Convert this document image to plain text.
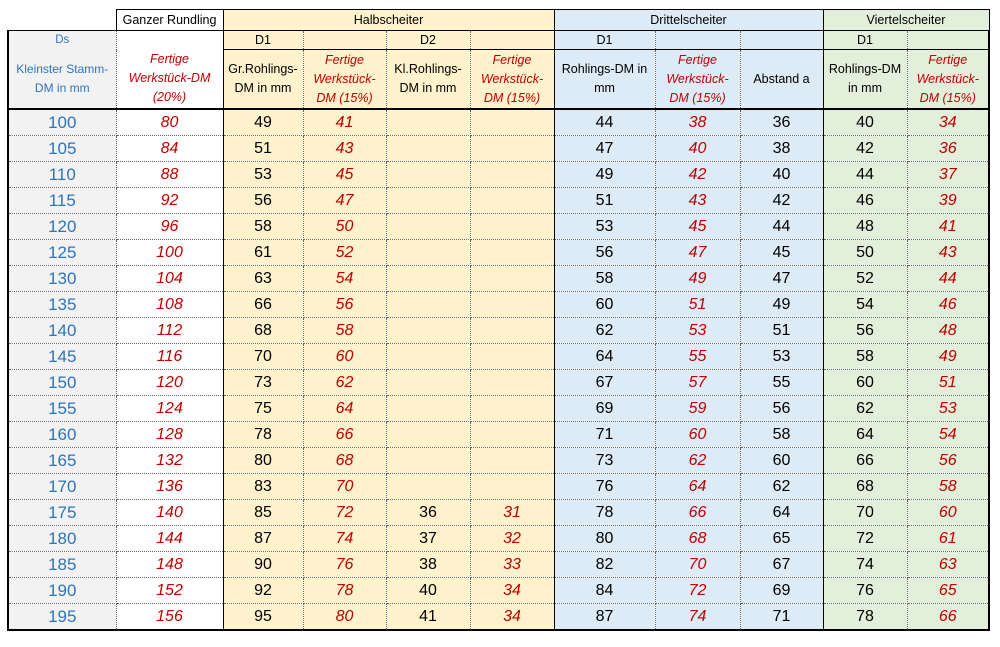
	Ganzer Rundling	Halbscheiter				Drittelscheiter			Viertelscheiter	
Ds		D1		D2		D1			D1	
Kleinster Stamm-DM in mm	Fertige Werkstück-DM (20%)	Gr.Rohlings-DM in mm	Fertige Werkstück-DM (15%)	Kl.Rohlings-DM in mm	Fertige Werkstück-DM (15%)	Rohlings-DM in mm	Fertige Werkstück-DM (15%)	Abstand a	Rohlings-DM in mm	Fertige Werkstück-DM (15%)
100	80	49	41			44	38	36	40	34
105	84	51	43			47	40	38	42	36
110	88	53	45			49	42	40	44	37
115	92	56	47			51	43	42	46	39
120	96	58	50			53	45	44	48	41
125	100	61	52			56	47	45	50	43
130	104	63	54			58	49	47	52	44
135	108	66	56			60	51	49	54	46
140	112	68	58			62	53	51	56	48
145	116	70	60			64	55	53	58	49
150	120	73	62			67	57	55	60	51
155	124	75	64			69	59	56	62	53
160	128	78	66			71	60	58	64	54
165	132	80	68			73	62	60	66	56
170	136	83	70			76	64	62	68	58
175	140	85	72	36	31	78	66	64	70	60
180	144	87	74	37	32	80	68	65	72	61
185	148	90	76	38	33	82	70	67	74	63
190	152	92	78	40	34	84	72	69	76	65
195	156	95	80	41	34	87	74	71	78	66
